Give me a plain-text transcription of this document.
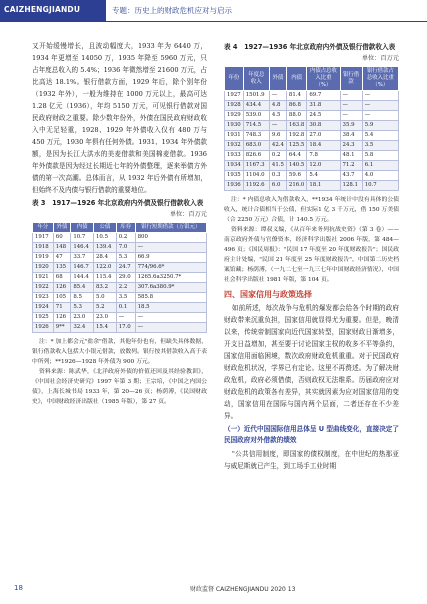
CAIZHENGJIANDU	专题：历史上的财政危机应对与启示

又开始缓慢增长，且波动幅度大，1933 年为 6440 万，1934 年更增至 14050 万，1935 年降至 5960 万元，只占年度总收入的 5.4%；1936 年微然增至 21600 万元，占比高达 18.1%。银行借款方面，1929 年后，除个别年份（1932 年外），一般为维持在 1000 万元以上，最高可达 1.28 亿元（1936），年均 5150 万元，可见银行借款对国民政府财政之重要。除少数年份外，外债在国民政府财政收入中无足轻重，1928、1929 年外债收入仅有 480 万与 450 万元，1930 年俱有任何外债。1931、1934 年外债款额，是因为长江大洪水的美麦借款和美国棉麦借款。1936 年外债款是因为经过长期近七年的外债整理，逐来举债方外债的第一次高潮。总体而言，从 1932 年后外债有所增加，但始终不及内债与银行借款的重要地位。

表 3　1917—1926 年北京政府内外债及银行借款收入表
单位：百万元
年分	外债	内债	公债	库券	银行短期借款（万银元）
1917	60	10.7	10.5	0.2	800
1918	148	146.4	139.4	7.0	—
1919	47	33.7	28.4	5.3	66.9
1920	135	146.7	122.0	24.7	774/96.6*
1921	68	144.4	115.4	29.0	1265.6a3250.7*
1922	126	85.4	83.2	2.2	307.6a380.9*
1923	105	8.5	5.0	3.5	585.8
1924	71	5.3	5.2	0.1	18.5
1925	126	23.0	23.0	—	—
1926	9**	32.4	15.4	17.0	—

注：* 加上都会元"盐余"借款，其他年份也有，但缺失具体数据，银行借款收入包括大小银元借款，放数列。银行按其借款收入高于表中所列；**1926—1928 年外债为 900 万元。

资料来源：陈武华，《北洋政府外债的价值还回及其经验教训》，《中国社会经济史研究》1997 年第 3 期；王宗培，《中国之内国公债》，上海长城书局 1933 年，第 20—26 页；杨荫溥，《民国财政史》，中国财政经济出版社（1985 年版），第 27 页。

表 4　1927—1936 年北京政府内外债及银行借款收入表
单位：百万元
年份	年度总收入	外债	内债	内债占总收入比重（%）	银行借款	银行借款占总收入比重（%）
1927	1501.9	—	81.4	69.7	—	—
1928	434.4	4.8	86.8	31.8	—	—
1929	539.0	4.5	88.0	24.5	—	—
1930	714.5	—	163.8	30.8	35.9	5.9
1931	748.3	9.6	192.8	27.0	38.4	5.4
1932	683.0	42.4	125.5	18.4	24.3	3.5
1933	826.6	0.2	64.4	7.8	48.1	5.8
1934	1167.3	41.5	140.5	12.0	71.2	6.1
1935	1104.0	0.3	59.6	5.4	43.7	4.0
1936	1192.6	6.0	216.0	18.1	128.1	10.7

注：* 内债总收入为借款收入，**1934 年统计中没有具体的公债收入，统计合债相当于公债，但实际1 亿 3 千万元，借 150 万美债（合 2250 万元）合债，计 140.5 万元。

资料来源：谭叔义编，《从百年来务列抗战史资》（第 3 卷）——南京政府外债与官僚资本，经济科学出版社 2006 年版，第 484—496 页；《国民周报》："民国 17 年度至 20 年度财政报告"；国民政府主计处编，"民国 21 年度至 25 年度财政报告"，中国第二历史档案馆藏；杨荫溥，（一九二七至一九三七年中国财政经济情况），中国社会科学出版社 1981 年版，第 104 页。

四、国家信用与政策选择

如前所述，每次战争与危机的爆发都会给各个时期的政府财政带来沉重负担，国家信用就显得尤为重要。但是，晚清以来，传统帝制国家向近代国家转型，国家财政日渐增多，开支日益增加，甚至要于讨论国家主权的收多不平等条约，国家信用面临困境，数次政府财政危机重重。对于民国政府财政危机状况，学界已有定论。这里不再赘述。为了解决财政危机，政府必须借债，否则政权无法维系。历届政府应对财政危机的政策各有差异，其实就因素为应对国家信用的变动，国家信用在国际与国内两个层面，二者还存在不少差异。

（一）近代中国国际信用总体呈 U 型曲线变化，直接决定了民国政府对外借款的绩效

"公共信用制度，即国家的债权制度，在中世纪的热那亚与威尼斯就已产生，到工场手工业时期

18	财政监督 CAIZHENGJIANDU 2020 13
